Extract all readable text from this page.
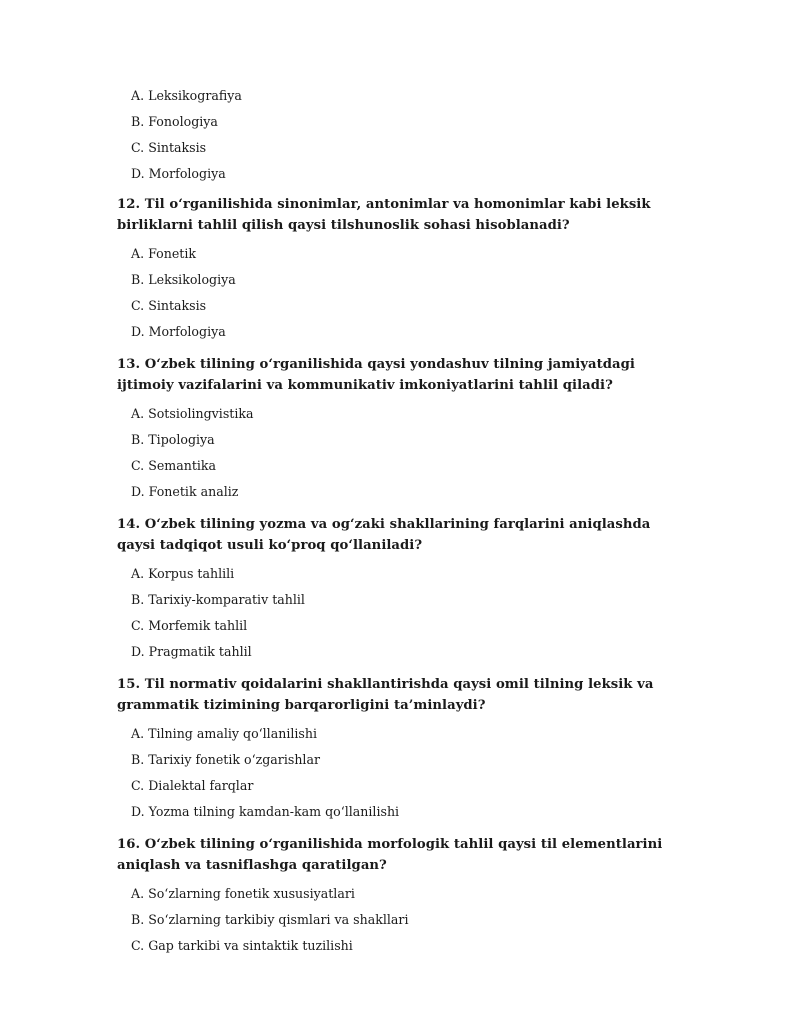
A. Leksikografiya
B. Fonologiya
C. Sintaksis
D. Morfologiya
12. Til oʻrganilishida sinonimlar, antonimlar va homonimlar kabi leksik birliklarni tahlil qilish qaysi tilshunoslik sohasi hisoblanadi?
A. Fonetik
B. Leksikologiya
C. Sintaksis
D. Morfologiya
13. Oʻzbek tilining oʻrganilishida qaysi yondashuv tilning jamiyatdagi ijtimoiy vazifalarini va kommunikativ imkoniyatlarini tahlil qiladi?
A. Sotsiolingvistika
B. Tipologiya
C. Semantika
D. Fonetik analiz
14. Oʻzbek tilining yozma va ogʻzaki shakllarining farqlarini aniqlashda qaysi tadqiqot usuli koʻproq qoʻllaniladi?
A. Korpus tahlili
B. Tarixiy-komparativ tahlil
C. Morfemik tahlil
D. Pragmatik tahlil
15. Til normativ qoidalarini shakllantirishda qaysi omil tilning leksik va grammatik tizimining barqarorligini ta’minlaydi?
A. Tilning amaliy qoʻllanilishi
B. Tarixiy fonetik oʻzgarishlar
C. Dialektal farqlar
D. Yozma tilning kamdan-kam qoʻllanilishi
16. Oʻzbek tilining oʻrganilishida morfologik tahlil qaysi til elementlarini aniqlash va tasniflashga qaratilgan?
A. Soʻzlarning fonetik xususiyatlari
B. Soʻzlarning tarkibiy qismlari va shakllari
C. Gap tarkibi va sintaktik tuzilishi
